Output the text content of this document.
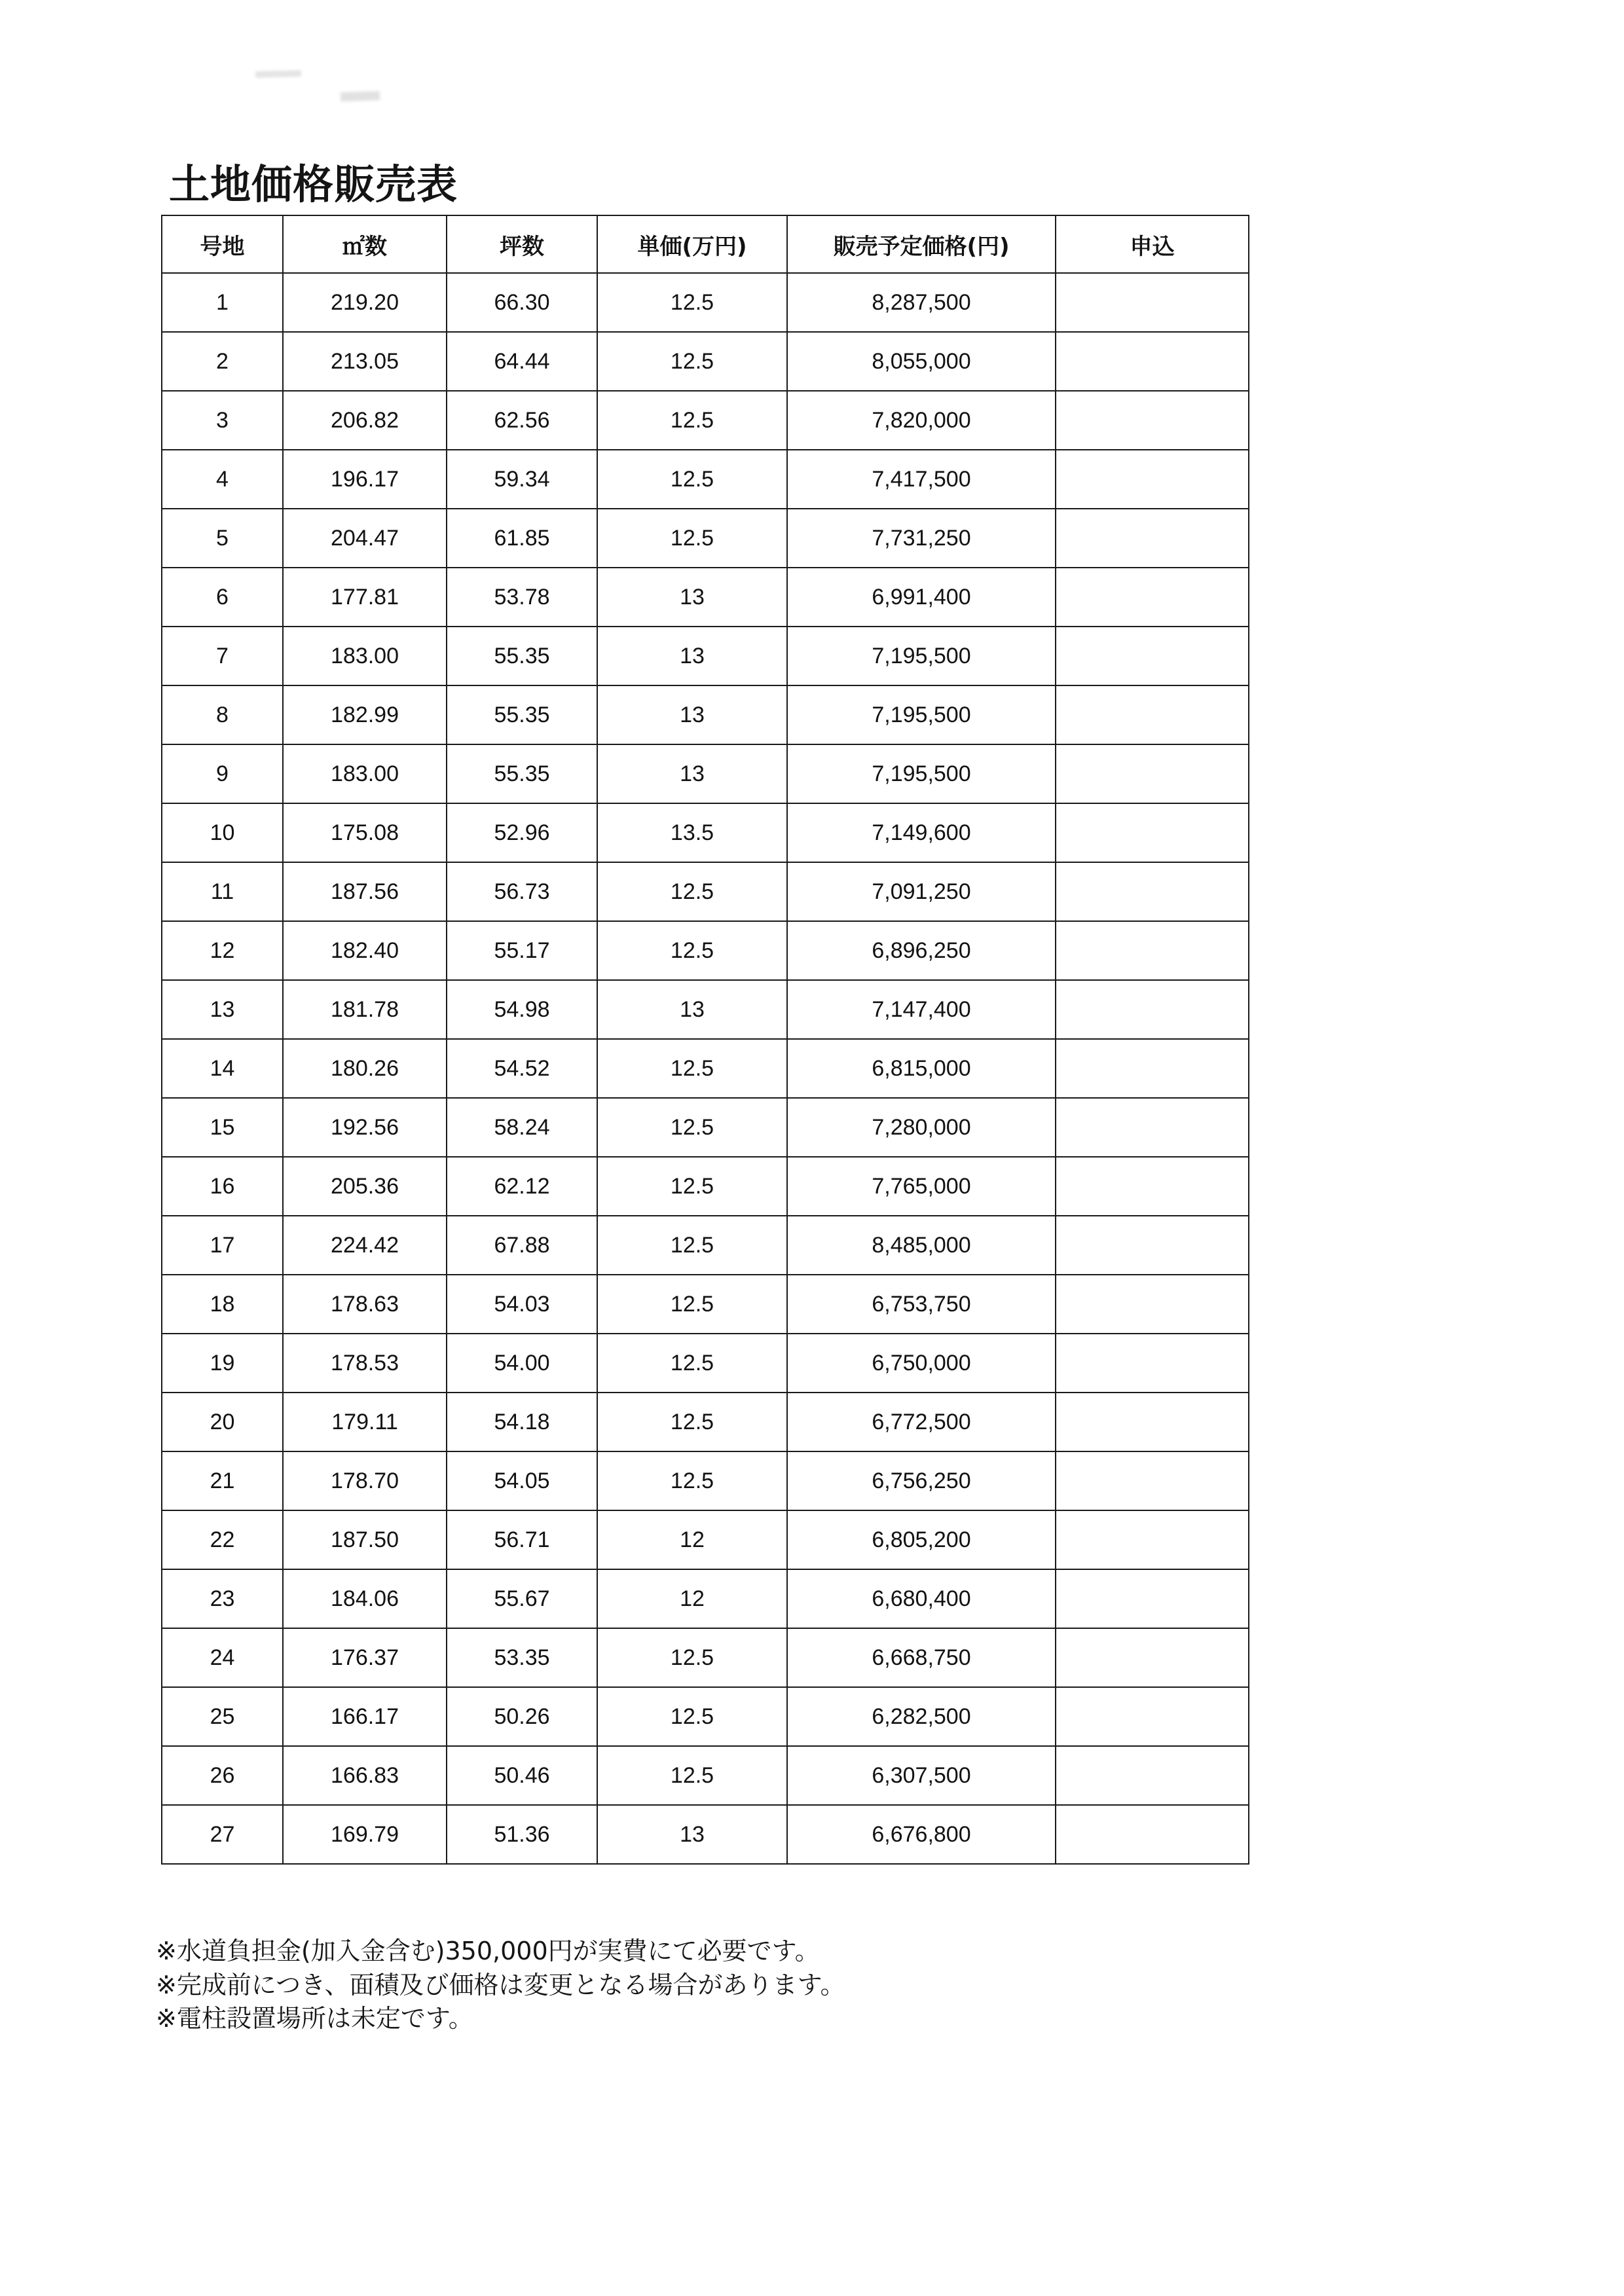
土地価格販売表
号地	㎡数	坪数	単価(万円)	販売予定価格(円)	申込
1	219.20	66.30	12.5	8,287,500	
2	213.05	64.44	12.5	8,055,000	
3	206.82	62.56	12.5	7,820,000	
4	196.17	59.34	12.5	7,417,500	
5	204.47	61.85	12.5	7,731,250	
6	177.81	53.78	13	6,991,400	
7	183.00	55.35	13	7,195,500	
8	182.99	55.35	13	7,195,500	
9	183.00	55.35	13	7,195,500	
10	175.08	52.96	13.5	7,149,600	
11	187.56	56.73	12.5	7,091,250	
12	182.40	55.17	12.5	6,896,250	
13	181.78	54.98	13	7,147,400	
14	180.26	54.52	12.5	6,815,000	
15	192.56	58.24	12.5	7,280,000	
16	205.36	62.12	12.5	7,765,000	
17	224.42	67.88	12.5	8,485,000	
18	178.63	54.03	12.5	6,753,750	
19	178.53	54.00	12.5	6,750,000	
20	179.11	54.18	12.5	6,772,500	
21	178.70	54.05	12.5	6,756,250	
22	187.50	56.71	12	6,805,200	
23	184.06	55.67	12	6,680,400	
24	176.37	53.35	12.5	6,668,750	
25	166.17	50.26	12.5	6,282,500	
26	166.83	50.46	12.5	6,307,500	
27	169.79	51.36	13	6,676,800	
※水道負担金(加入金含む)350,000円が実費にて必要です。
※完成前につき、面積及び価格は変更となる場合があります。
※電柱設置場所は未定です。
